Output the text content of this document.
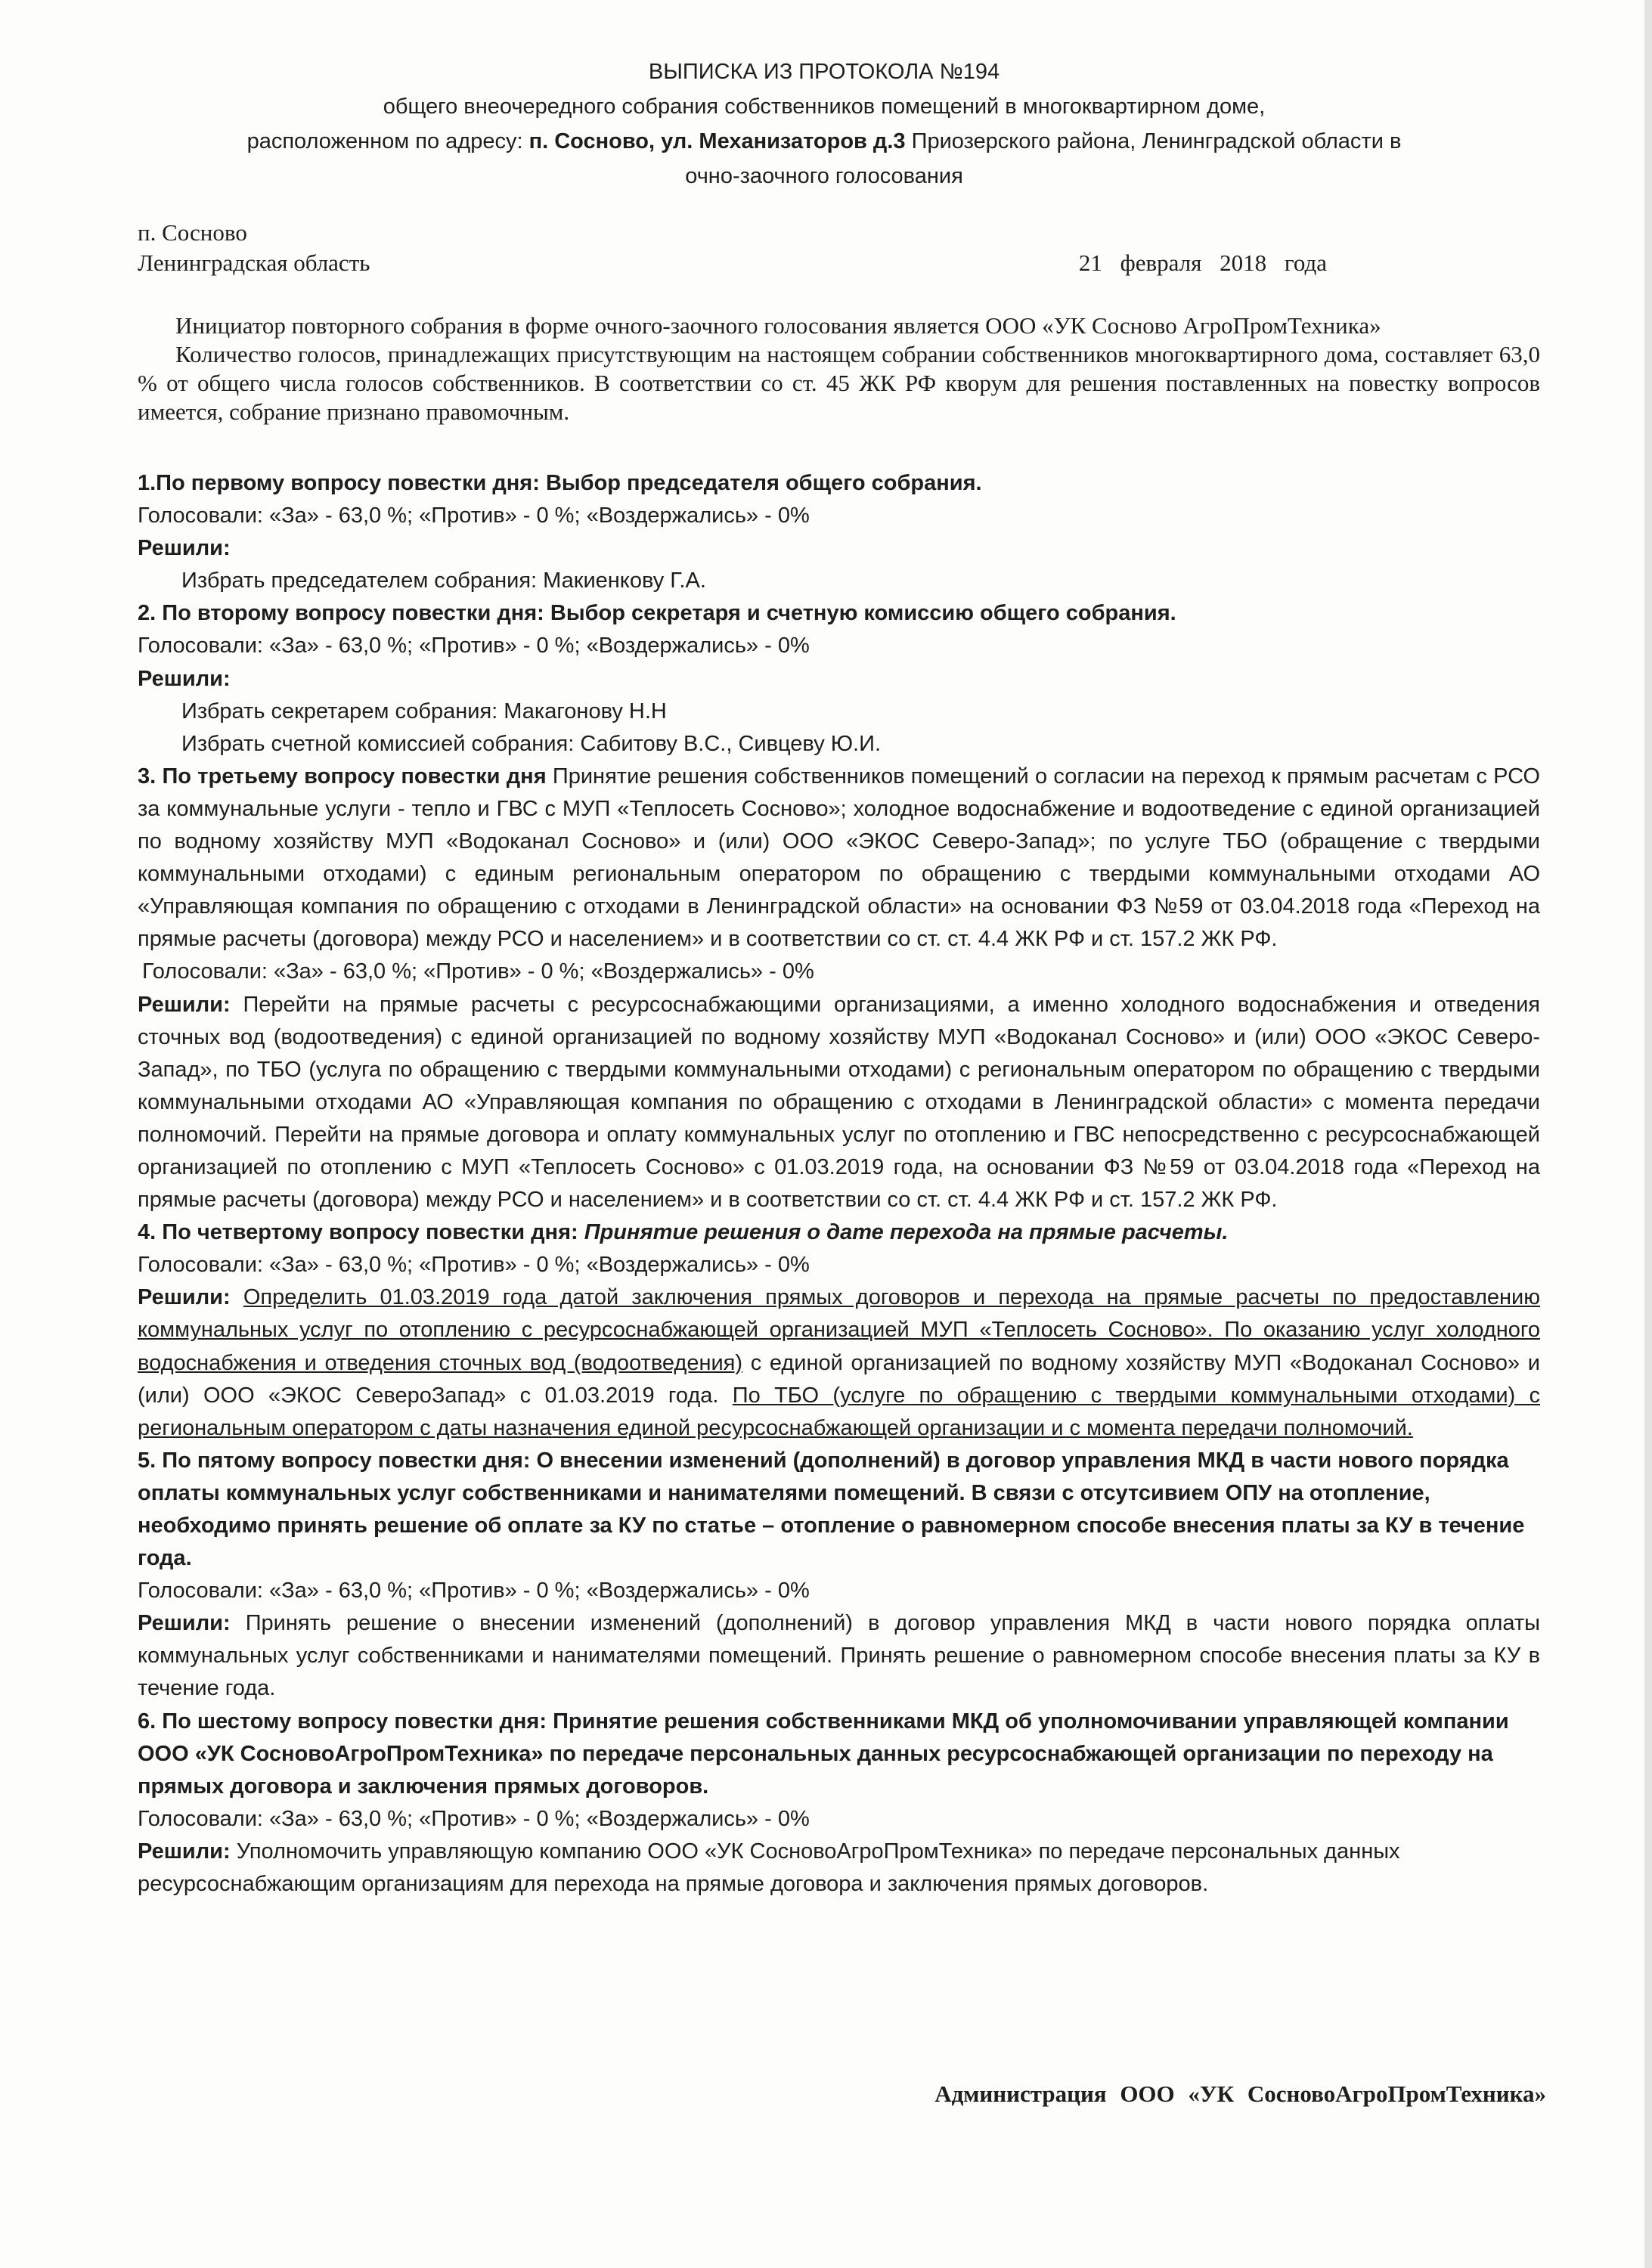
ВЫПИСКА ИЗ ПРОТОКОЛА №194
общего внеочередного собрания собственников помещений в многоквартирном доме,
расположенном по адресу: п. Сосново, ул. Механизаторов д.3 Приозерского района, Ленинградской области в
очно-заочного голосования
п. Сосново
Ленинградская область	21 февраля 2018 года

Инициатор повторного собрания в форме очного-заочного голосования является ООО «УК Сосново АгроПромТехника»

Количество голосов, принадлежащих присутствующим на настоящем собрании собственников многоквартирного дома, составляет 63,0 % от общего числа голосов собственников. В соответствии со ст. 45 ЖК РФ кворум для решения поставленных на повестку вопросов имеется, собрание признано правомочным.

1.По первому вопросу повестки дня: Выбор председателя общего собрания.

Голосовали: «За» - 63,0 %; «Против» - 0 %; «Воздержались» - 0%

Решили:

Избрать председателем собрания: Макиенкову Г.А.

2. По второму вопросу повестки дня: Выбор секретаря и счетную комиссию общего собрания.

Голосовали: «За» - 63,0 %; «Против» - 0 %; «Воздержались» - 0%

Решили:

Избрать секретарем собрания: Макагонову Н.Н

Избрать счетной комиссией собрания: Сабитову В.С., Сивцеву Ю.И.

3. По третьему вопросу повестки дня Принятие решения собственников помещений о согласии на переход к прямым расчетам с РСО за коммунальные услуги - тепло и ГВС с МУП «Теплосеть Сосново»; холодное водоснабжение и водоотведение с единой организацией по водному хозяйству МУП «Водоканал Сосново» и (или) ООО «ЭКОС Северо-Запад»; по услуге ТБО (обращение с твердыми коммунальными отходами) с единым региональным оператором по обращению с твердыми коммунальными отходами АО «Управляющая компания по обращению с отходами в Ленинградской области» на основании ФЗ №59 от 03.04.2018 года «Переход на прямые расчеты (договора) между РСО и населением» и в соответствии со ст. ст. 4.4 ЖК РФ и ст. 157.2 ЖК РФ.

Голосовали: «За» - 63,0 %; «Против» - 0 %; «Воздержались» - 0%

Решили: Перейти на прямые расчеты с ресурсоснабжающими организациями, а именно холодного водоснабжения и отведения сточных вод (водоотведения) с единой организацией по водному хозяйству МУП «Водоканал Сосново» и (или) ООО «ЭКОС Северо-Запад», по ТБО (услуга по обращению с твердыми коммунальными отходами) с региональным оператором по обращению с твердыми коммунальными отходами АО «Управляющая компания по обращению с отходами в Ленинградской области» с момента передачи полномочий. Перейти на прямые договора и оплату коммунальных услуг по отоплению и ГВС непосредственно с ресурсоснабжающей организацией по отоплению с МУП «Теплосеть Сосново» с 01.03.2019 года, на основании ФЗ №59 от 03.04.2018 года «Переход на прямые расчеты (договора) между РСО и населением» и в соответствии со ст. ст. 4.4 ЖК РФ и ст. 157.2 ЖК РФ.

4. По четвертому вопросу повестки дня: Принятие решения о дате перехода на прямые расчеты.

Голосовали: «За» - 63,0 %; «Против» - 0 %; «Воздержались» - 0%

Решили: Определить 01.03.2019 года датой заключения прямых договоров и перехода на прямые расчеты по предоставлению коммунальных услуг по отоплению с ресурсоснабжающей организацией МУП «Теплосеть Сосново». По оказанию услуг холодного водоснабжения и отведения сточных вод (водоотведения) с единой организацией по водному хозяйству МУП «Водоканал Сосново» и (или) ООО «ЭКОС СевероЗапад» с 01.03.2019 года. По ТБО (услуге по обращению с твердыми коммунальными отходами) с региональным оператором с даты назначения единой ресурсоснабжающей организации и с момента передачи полномочий.

5. По пятому вопросу повестки дня: О внесении изменений (дополнений) в договор управления МКД в части нового порядка оплаты коммунальных услуг собственниками и нанимателями помещений. В связи с отсутсивием ОПУ на отопление, необходимо принять решение об оплате за КУ по статье – отопление о равномерном способе внесения платы за КУ в течение года.

Голосовали: «За» - 63,0 %; «Против» - 0 %; «Воздержались» - 0%

Решили: Принять решение о внесении изменений (дополнений) в договор управления МКД в части нового порядка оплаты коммунальных услуг собственниками и нанимателями помещений. Принять решение о равномерном способе внесения платы за КУ в течение года.

6. По шестому вопросу повестки дня: Принятие решения собственниками МКД об уполномочивании управляющей компании ООО «УК СосновоАгроПромТехника» по передаче персональных данных ресурсоснабжающей организации по переходу на прямых договора и заключения прямых договоров.

Голосовали: «За» - 63,0 %; «Против» - 0 %; «Воздержались» - 0%

Решили: Уполномочить управляющую компанию ООО «УК СосновоАгроПромТехника» по передаче персональных данных ресурсоснабжающим организациям для перехода на прямые договора и заключения прямых договоров.

Администрация ООО «УК СосновоАгроПромТехника»
